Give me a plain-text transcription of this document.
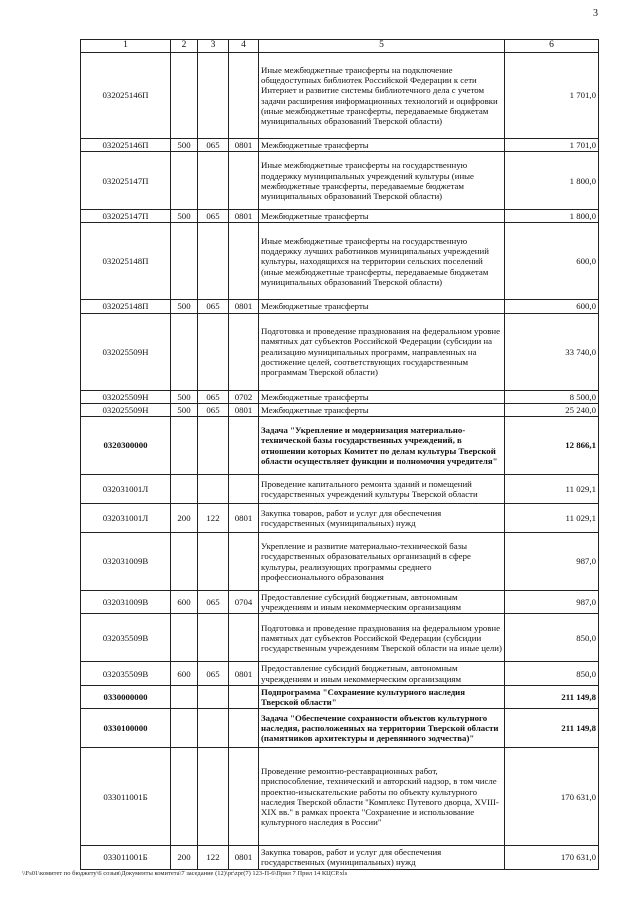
3
1	2	3	4	5	6
032025146П				Иные межбюджетные трансферты на подключение общедоступных библиотек Российской Федерации к сети Интернет и развитие системы библиотечного дела с учетом задачи расширения информационных технологий и оцифровки (иные межбюджетные трансферты, передаваемые бюджетам муниципальных образований Тверской области)	1 701,0
032025146П	500	065	0801	Межбюджетные трансферты	1 701,0
032025147П				Иные межбюджетные трансферты на государственную поддержку муниципальных учреждений культуры (иные межбюджетные трансферты, передаваемые бюджетам муниципальных образований Тверской области)	1 800,0
032025147П	500	065	0801	Межбюджетные трансферты	1 800,0
032025148П				Иные межбюджетные трансферты на государственную поддержку лучших работников муниципальных учреждений культуры, находящихся на территории сельских поселений (иные межбюджетные трансферты, передаваемые бюджетам муниципальных образований Тверской области)	600,0
032025148П	500	065	0801	Межбюджетные трансферты	600,0
032025509Н				Подготовка и проведение празднования на федеральном уровне памятных дат субъектов Российской Федерации (субсидии на реализацию муниципальных программ, направленных на достижение целей, соответствующих государственным программам Тверской области)	33 740,0
032025509Н	500	065	0702	Межбюджетные трансферты	8 500,0
032025509Н	500	065	0801	Межбюджетные трансферты	25 240,0
0320300000				Задача "Укрепление и модернизация материально-технической базы государственных учреждений, в отношении которых Комитет по делам культуры Тверской области осуществляет функции и полномочия учредителя"	12 866,1
032031001Л				Проведение капитального ремонта зданий и помещений государственных учреждений культуры Тверской области	11 029,1
032031001Л	200	122	0801	Закупка товаров, работ и услуг для обеспечения государственных (муниципальных) нужд	11 029,1
032031009В				Укрепление и развитие материально-технической базы государственных образовательных организаций в сфере культуры, реализующих программы среднего профессионального образования	987,0
032031009В	600	065	0704	Предоставление субсидий бюджетным, автономным учреждениям и иным некоммерческим организациям	987,0
032035509В				Подготовка и проведение празднования на федеральном уровне памятных дат субъектов Российской Федерации (субсидии государственным учреждениям Тверской области на иные цели)	850,0
032035509В	600	065	0801	Предоставление субсидий бюджетным, автономным учреждениям и иным некоммерческим организациям	850,0
0330000000				Подпрограмма "Сохранение культурного наследия Тверской области"	211 149,8
0330100000				Задача "Обеспечение сохранности объектов культурного наследия, расположенных на территории Тверской области (памятников архитектуры и деревянного зодчества)"	211 149,8
033011001Б				Проведение ремонтно-реставрационных работ, приспособление, технический и авторский надзор, в том числе проектно-изыскательские работы по объекту культурного наследия Тверской области "Комплекс Путевого дворца, XVIII-XIX вв." в рамках проекта "Сохранение и использование культурного наследия в России"	170 631,0
033011001Б	200	122	0801	Закупка товаров, работ и услуг для обеспечения государственных (муниципальных) нужд	170 631,0
\\Fs01\комитет по бюджету\6 созыв\Документы комитета\7 заседание (12)\pr\zpr(7) 123-П-6\Прил 7 Прил 14 КЦСР.xls
